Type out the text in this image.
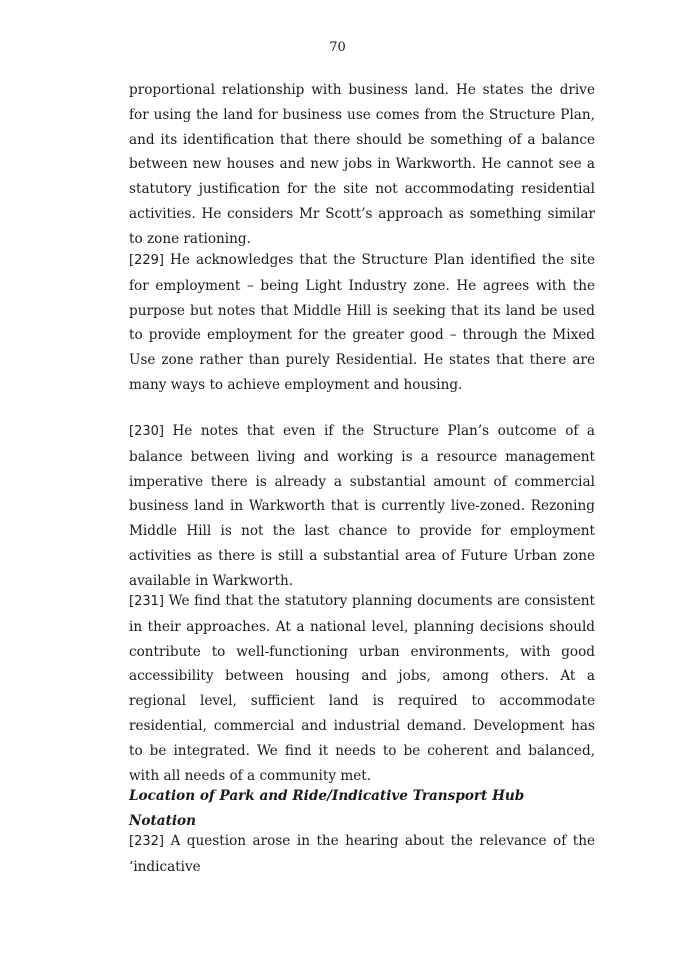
70

proportional relationship with business land. He states the drive for using the land for business use comes from the Structure Plan, and its identification that there should be something of a balance between new houses and new jobs in Warkworth. He cannot see a statutory justification for the site not accommodating residential activities. He considers Mr Scott’s approach as something similar to zone rationing.

[229] He acknowledges that the Structure Plan identified the site for employment – being Light Industry zone. He agrees with the purpose but notes that Middle Hill is seeking that its land be used to provide employment for the greater good – through the Mixed Use zone rather than purely Residential. He states that there are many ways to achieve employment and housing.

[230] He notes that even if the Structure Plan’s outcome of a balance between living and working is a resource management imperative there is already a substantial amount of commercial business land in Warkworth that is currently live-zoned. Rezoning Middle Hill is not the last chance to provide for employment activities as there is still a substantial area of Future Urban zone available in Warkworth.

[231] We find that the statutory planning documents are consistent in their approaches. At a national level, planning decisions should contribute to well-functioning urban environments, with good accessibility between housing and jobs, among others. At a regional level, sufficient land is required to accommodate residential, commercial and industrial demand. Development has to be integrated. We find it needs to be coherent and balanced, with all needs of a community met.

Location of Park and Ride/Indicative Transport Hub Notation

[232] A question arose in the hearing about the relevance of the ‘indicative
